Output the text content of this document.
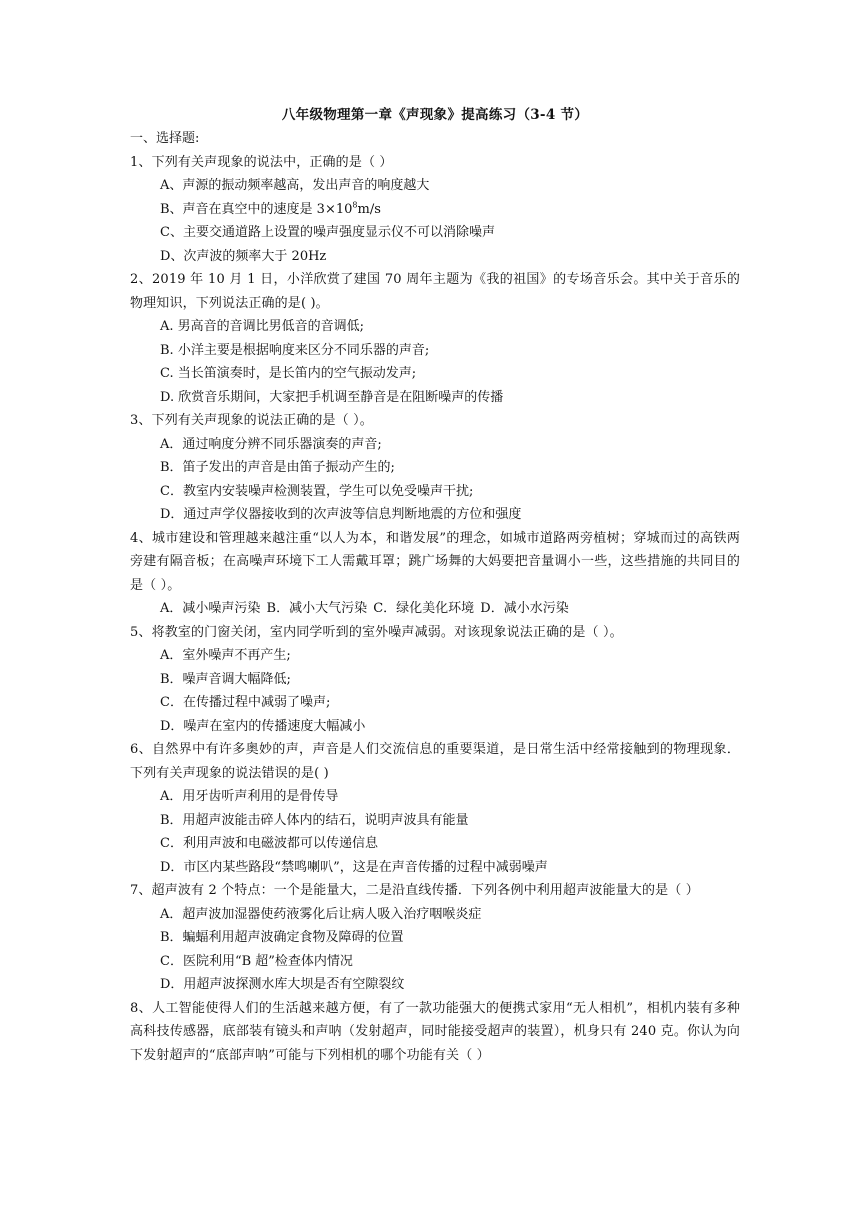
八年级物理第一章《声现象》提高练习（3-4 节）
一、选择题:
1、下列有关声现象的说法中，正确的是（ ）
A、声源的振动频率越高，发出声音的响度越大
B、声音在真空中的速度是 $3\times 10^8m/s$
C、主要交通道路上设置的噪声强度显示仪不可以消除噪声
D、次声波的频率大于 20Hz
2、2019 年 10 月 1 日，小洋欣赏了建国 70 周年主题为《我的祖国》的专场音乐会。其中关于音乐的物理知识，下列说法正确的是( )。
A. 男高音的音调比男低音的音调低;
B. 小洋主要是根据响度来区分不同乐器的声音;
C. 当长笛演奏时，是长笛内的空气振动发声;
D. 欣赏音乐期间，大家把手机调至静音是在阻断噪声的传播
3、下列有关声现象的说法正确的是（ ）。
A．通过响度分辨不同乐器演奏的声音;
B．笛子发出的声音是由笛子振动产生的;
C．教室内安装噪声检测装置，学生可以免受噪声干扰;
D．通过声学仪器接收到的次声波等信息判断地震的方位和强度
4、城市建设和管理越来越注重“以人为本，和谐发展”的理念，如城市道路两旁植树；穿城而过的高铁两旁建有隔音板；在高噪声环境下工人需戴耳罩；跳广场舞的大妈要把音量调小一些，这些措施的共同目的是（ ）。
A．减小噪声污染 B．减小大气污染 C．绿化美化环境 D．减小水污染
5、将教室的门窗关闭，室内同学听到的室外噪声减弱。对该现象说法正确的是（ ）。
A．室外噪声不再产生;
B．噪声音调大幅降低;
C．在传播过程中减弱了噪声;
D．噪声在室内的传播速度大幅减小
6、自然界中有许多奥妙的声，声音是人们交流信息的重要渠道，是日常生活中经常接触到的物理现象．下列有关声现象的说法错误的是( )
A．用牙齿听声利用的是骨传导
B．用超声波能击碎人体内的结石，说明声波具有能量
C．利用声波和电磁波都可以传递信息
D．市区内某些路段“禁鸣喇叭”，这是在声音传播的过程中减弱噪声
7、超声波有 2 个特点：一个是能量大，二是沿直线传播．下列各例中利用超声波能量大的是（ ）
A．超声波加湿器使药液雾化后让病人吸入治疗咽喉炎症
B．蝙蝠利用超声波确定食物及障碍的位置
C．医院利用“B 超”检查体内情况
D．用超声波探测水库大坝是否有空隙裂纹
8、人工智能使得人们的生活越来越方便，有了一款功能强大的便携式家用“无人相机”，相机内装有多种高科技传感器，底部装有镜头和声呐（发射超声，同时能接受超声的装置），机身只有 240 克。你认为向下发射超声的“底部声呐”可能与下列相机的哪个功能有关（ ）
